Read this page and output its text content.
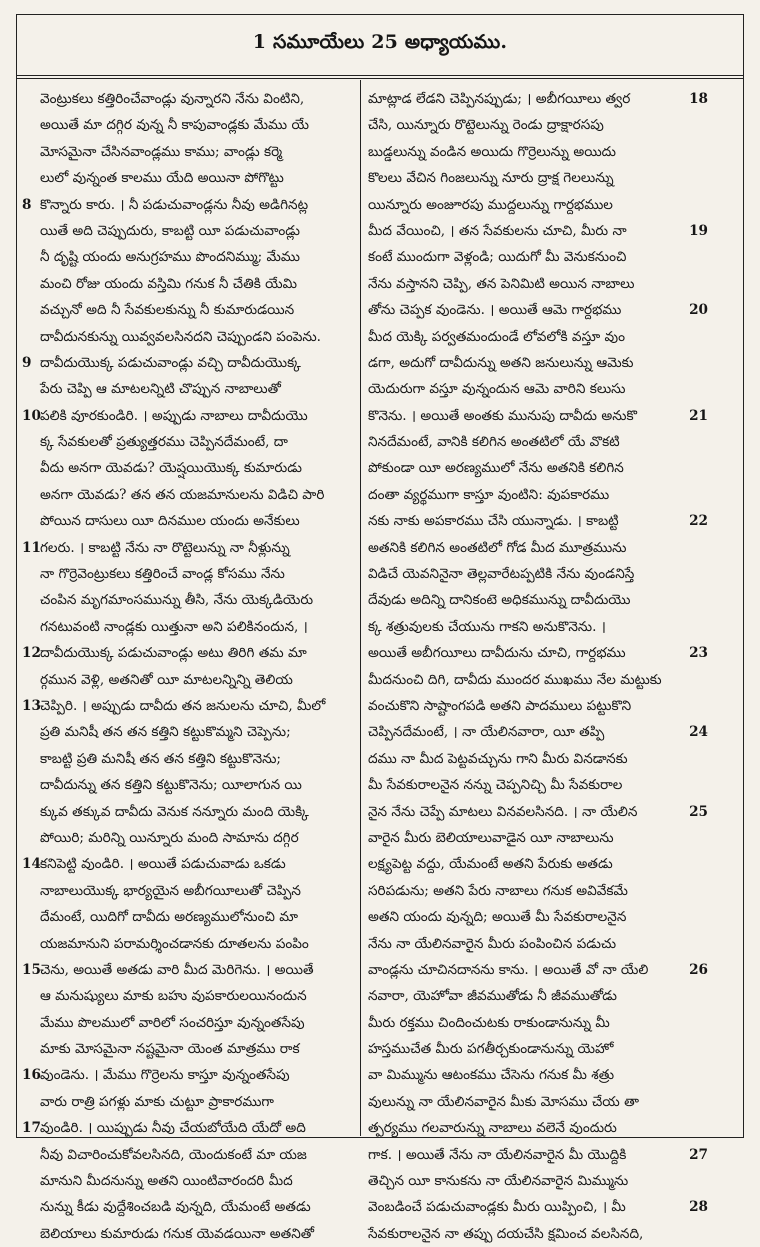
1 సమూయేలు 25 అధ్యాయము.
వెంట్రుకలు కత్తిరించేవాండ్లు వున్నారని నేను వింటిని,
అయితే మా దగ్గిర వున్న నీ కాపువాండ్లకు మేము యే
మోసమైనా చేసినవాండ్లము కాము; వాండ్లు కర్మె
లులో వున్నంత కాలము యేది అయినా పోగొట్టు
8 కొన్నారు కారు. । నీ పడుచువాండ్లను నీవు అడిగినట్ల
యితే అది చెప్పుదురు, కాబట్టి యీ పడుచువాండ్లు
నీ దృష్టి యందు అనుగ్రహము పొందనిమ్ము; మేము
మంచి రోజు యందు వస్తిమి గనుక నీ చేతికి యేమి
వచ్చునో అది నీ సేవకులకున్ను నీ కుమారుడయిన
దావీదునకున్ను యివ్వవలసినదని చెప్పుండని పంపెను.
9 దావీదుయొక్క పడుచువాండ్లు వచ్చి దావీదుయొక్క
పేరు చెప్పి ఆ మాటలన్నిటి చొప్పున నాబాలుతో
10 పలికి వూరకుండిరి. । అప్పుడు నాబాలు దావీదుయొ
క్క సేవకులతో ప్రత్యుత్తరము చెప్పినదేమంటే, దా
వీదు అనగా యెవడు? యెష్షయియొక్క కుమారుడు
అనగా యెవడు? తన తన యజమానులను విడిచి పారి
పోయిన దాసులు యీ దినముల యందు అనేకులు
11 గలరు. । కాబట్టి నేను నా రొట్టెలున్ను నా నీళ్లున్ను
నా గొర్రెవెంట్రుకలు కత్తిరించే వాండ్ల కోసము నేను
చంపిన మృగమాంసమున్ను తీసి, నేను యెక్కడియెరు
గనటువంటి నాండ్లకు యిత్తునా అని పలికినందున, ।
12 దావీదుయొక్క పడుచువాండ్లు అటు తిరిగి తమ మా
ర్గమున వెళ్లి, అతనితో యీ మాటలన్నిన్ని తెలియ
13 చెప్పిరి. । అప్పుడు దావీదు తన జనులను చూచి, మీలో
ప్రతి మనిషీ తన తన కత్తిని కట్టుకొమ్మని చెప్పెను;
కాబట్టి ప్రతి మనిషీ తన తన కత్తిని కట్టుకొనెను;
దావీదున్ను తన కత్తిని కట్టుకొనెను; యీలాగున యి
క్కువ తక్కువ దావీదు వెనుక నన్నూరు మంది యెక్కి
పోయిరి; మరిన్ని యిన్నూరు మంది సామాను దగ్గిర
14 కనిపెట్టి వుండిరి. । అయితే పడుచువాడు ఒకడు
నాబాలుయొక్క భార్యయైన అబీగయీలుతో చెప్పిన
దేమంటే, యిదిగో దావీదు అరణ్యములోనుంచి మా
యజమానుని పరామర్శించడానకు దూతలను పంపిం
15 చెను, అయితే అతడు వారి మీద మెరిగెను. । అయితే
ఆ మనుష్యులు మాకు బహు వుపకారులయినందున
మేము పొలములో వారిలో సంచరిస్తూ వున్నంతసేపు
మాకు మోసమైనా నష్టమైనా యెంత మాత్రము రాక
16 వుండెను. । మేము గొర్రెలను కాస్తూ వున్నంతసేపు
వారు రాత్రి పగళ్లు మాకు చుట్టూ ప్రాకారముగా
17 వుండిరి. । యిప్పుడు నీవు చేయబోయేది యేదో అది
నీవు విచారించుకోవలసినది, యెందుకంటే మా యజ
మానుని మీదనున్ను అతని యింటివారందరి మీద
నున్ను కీడు వుద్దేశించబడి వున్నది, యేమంటే అతడు
బెలియాలు కుమారుడు గనుక యెవడయినా అతనితో
18
మాట్లాడ లేడని చెప్పినప్పుడు; । అబీగయీలు త్వర
చేసి, యిన్నూరు రొట్టెలున్ను రెండు ద్రాక్షారసపు
బుడ్డలున్ను వండిన అయిదు గొర్రెలున్ను అయిదు
కొలలు వేచిన గింజలున్ను నూరు ద్రాక్ష గెలలున్ను
యిన్నూరు అంజూరపు ముద్దలున్ను గార్దభముల
19
మీద వేయించి, । తన సేవకులను చూచి, మీరు నా
కంటే ముందుగా వెళ్లండి; యిదుగో మీ వెనుకనుంచి
నేను వస్తానని చెప్పి, తన పెనిమిటి అయిన నాబాలు
20
తోను చెప్పక వుండెను. । అయితే ఆమె గార్దభము
మీద యెక్కి పర్వతమందుండే లోవలోకి వస్తూ వుం
డగా, అదుగో దావీదున్ను అతని జనులున్ను ఆమెకు
యెదురుగా వస్తూ వున్నందున ఆమె వారిని కలుసు
21
కొనెను. । అయితే అంతకు మునుపు దావీదు అనుకొ
నినదేమంటే, వానికి కలిగిన అంతటిలో యే వొకటి
పోకుండా యీ అరణ్యములో నేను అతనికి కలిగిన
దంతా వ్యర్థముగా కాస్తూ వుంటిని: వుపకారము
22
నకు నాకు అపకారము చేసి యున్నాడు. । కాబట్టి
అతనికి కలిగిన అంతటిలో గోడ మీద మూత్రమును
విడిచే యెవనినైనా తెల్లవారేటప్పటికి నేను వుండనిస్తే
దేవుడు అదిన్ని దానికంటె అధికమున్ను దావీదుయొ
క్క శత్రువులకు చేయును గాకని అనుకొనెను. ।
23
అయితే అబీగయీలు దావీదును చూచి, గార్దభము
మీదనుంచి దిగి, దావీదు ముందర ముఖము నేల మట్టుకు
వంచుకొని సాష్టాంగపడి అతని పాదములు పట్టుకొని
24
చెప్పినదేమంటే, । నా యేలినవారా, యీ తప్పి
దము నా మీద పెట్టవచ్చును గాని మీరు వినడానకు
మీ సేవకురాలనైన నన్ను చెప్పనిచ్చి మీ సేవకురాల
25
నైన నేను చెప్పే మాటలు వినవలసినది. । నా యేలిన
వారైన మీరు బెలియాలువాడైన యీ నాబాలును
లక్ష్యపెట్ట వద్దు, యేమంటే అతని పేరుకు అతడు
సరిపడును; అతని పేరు నాబాలు గనుక అవివేకమే
అతని యందు వున్నది; అయితే మీ సేవకురాలనైన
నేను నా యేలినవారైన మీరు పంపించిన పడుచు
26
వాండ్లను చూచినదానను కాను. । అయితే వో నా యేలి
నవారా, యెహోవా జీవముతోడు నీ జీవముతోడు
మీరు రక్తము చిందించుటకు రాకుండానున్ను మీ
హస్తముచేత మీరు పగతీర్చకుండానున్ను యెహో
వా మిమ్మును ఆటంకము చేసెను గనుక మీ శత్రు
వులున్ను నా యేలినవారైన మీకు మోసము చేయ తా
త్పర్యము గలవారున్ను నాబాలు వలెనే వుందురు
27
గాక. । అయితే నేను నా యేలినవారైన మీ యొద్దికి
తెచ్చిన యీ కానుకను నా యేలినవారైన మిమ్మును
28
వెంబడించే పడుచువాండ్లకు మీరు యిప్పించి, । మీ
సేవకురాలనైన నా తప్పు దయచేసి క్షమించ వలసినది,
